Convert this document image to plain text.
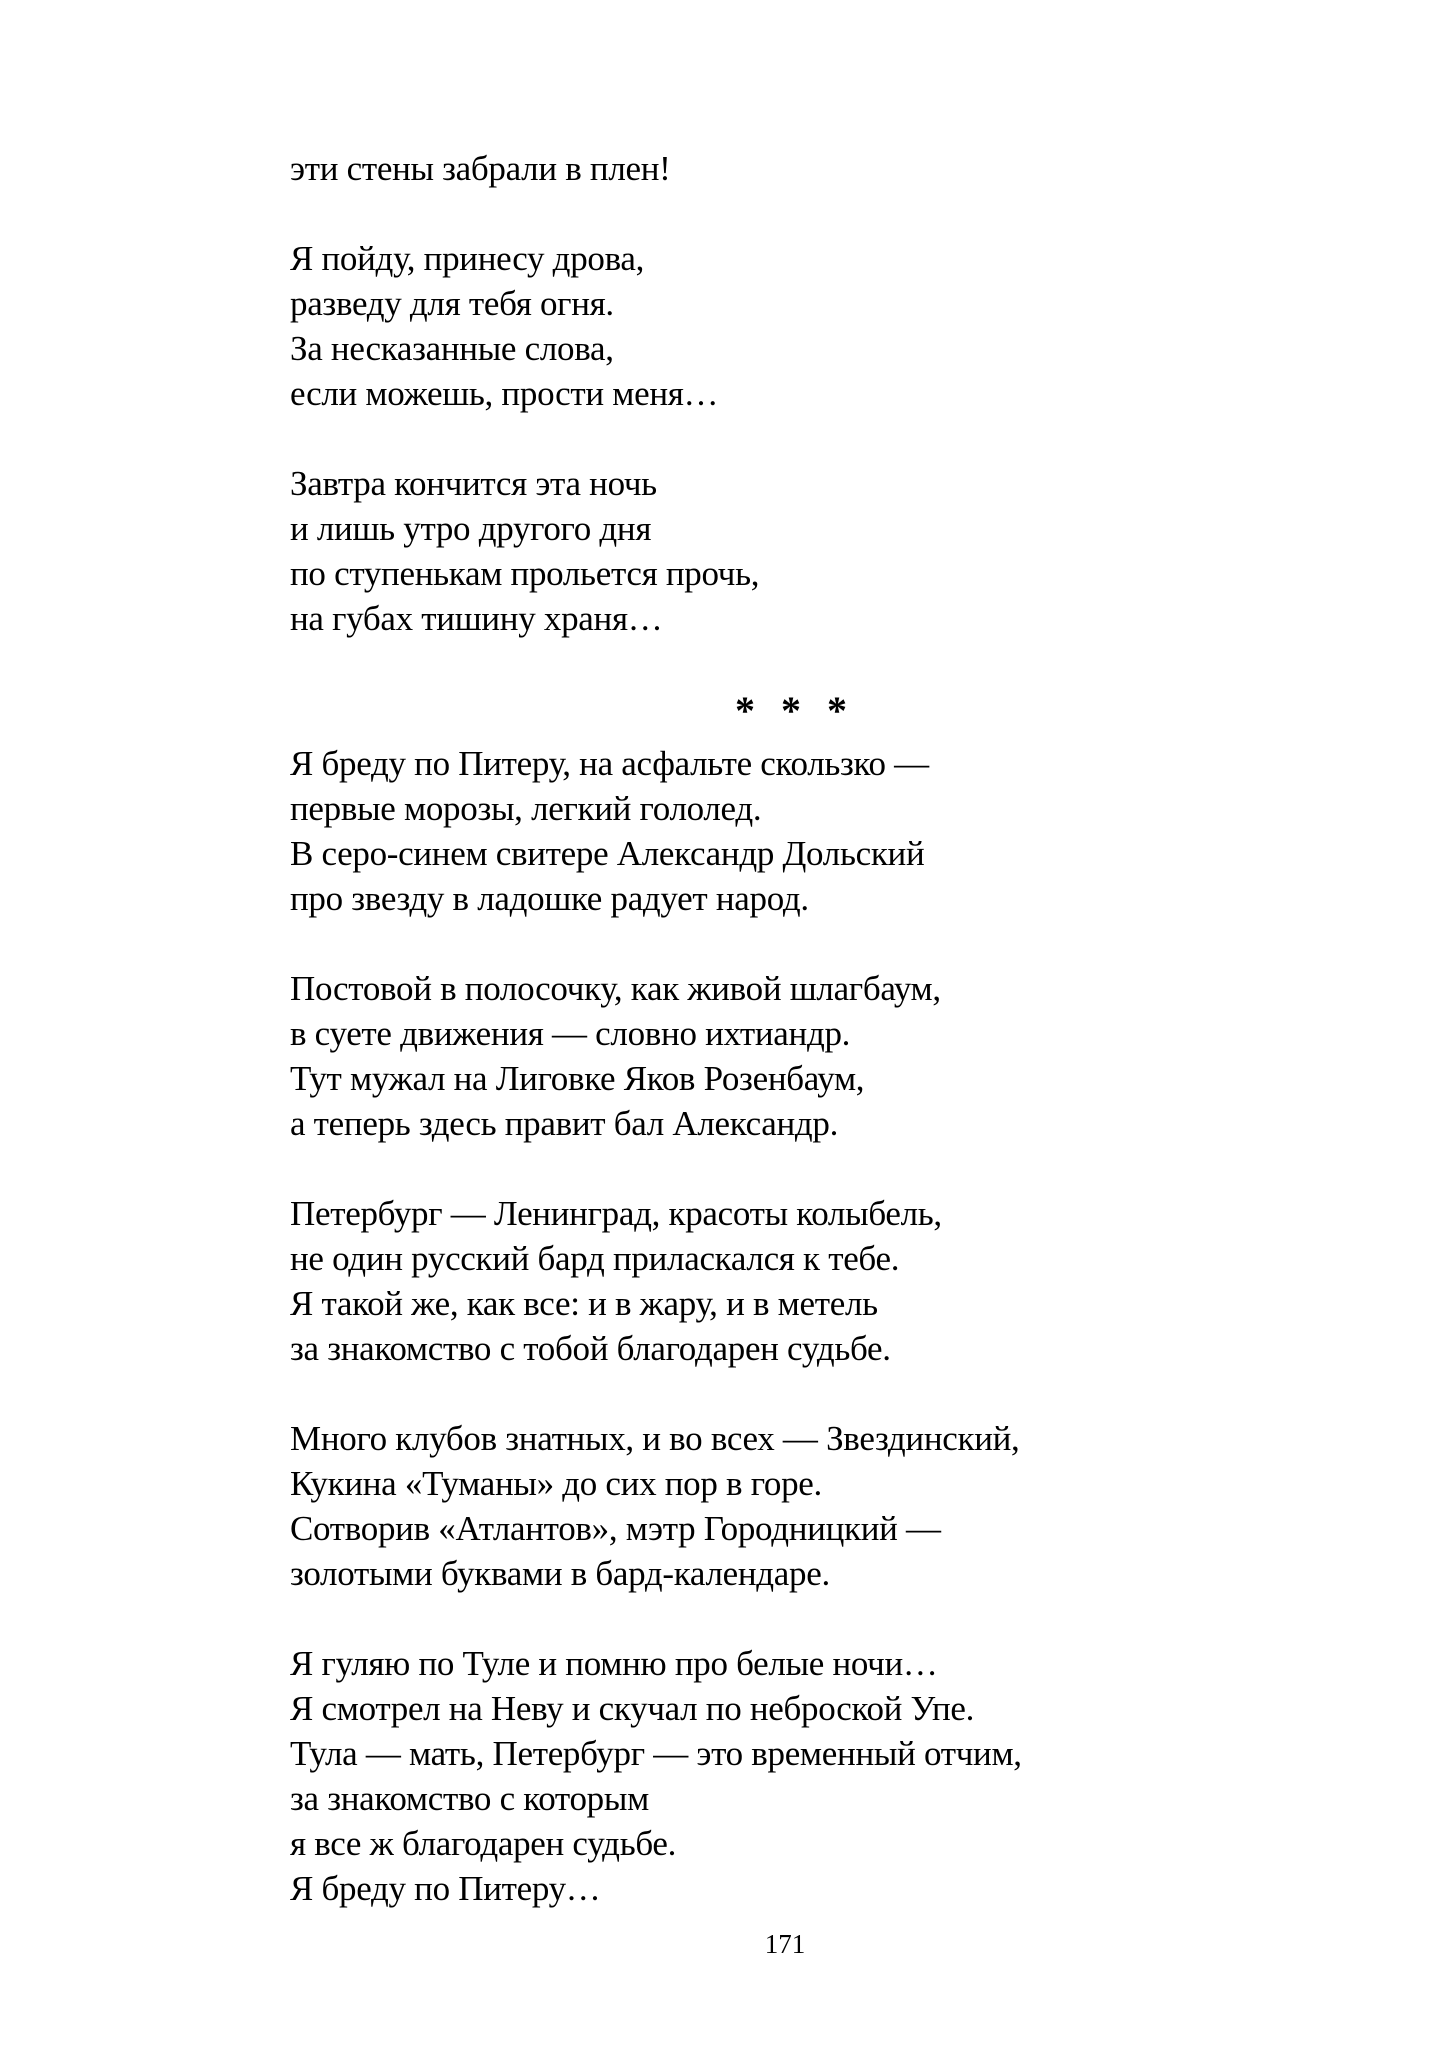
эти стены забрали в плен!
Я пойду, принесу дрова,
разведу для тебя огня.
За несказанные слова,
если можешь, прости меня…
Завтра кончится эта ночь
и лишь утро другого дня
по ступенькам прольется прочь,
на губах тишину храня…
* * *
Я бреду по Питеру, на асфальте скользко —
первые морозы, легкий гололед.
В серо-синем свитере Александр Дольский
про звезду в ладошке радует народ.
Постовой в полосочку, как живой шлагбаум,
в суете движения — словно ихтиандр.
Тут мужал на Лиговке Яков Розенбаум,
а теперь здесь правит бал Александр.
Петербург — Ленинград, красоты колыбель,
не один русский бард приласкался к тебе.
Я такой же, как все: и в жару, и в метель
за знакомство с тобой благодарен судьбе.
Много клубов знатных, и во всех — Звездинский,
Кукина «Туманы» до сих пор в горе.
Сотворив «Атлантов», мэтр Городницкий —
золотыми буквами в бард-календаре.
Я гуляю по Туле и помню про белые ночи…
Я смотрел на Неву и скучал по неброской Упе.
Тула — мать, Петербург — это временный отчим,
за знакомство с которым
я все ж благодарен судьбе.
Я бреду по Питеру…
171
